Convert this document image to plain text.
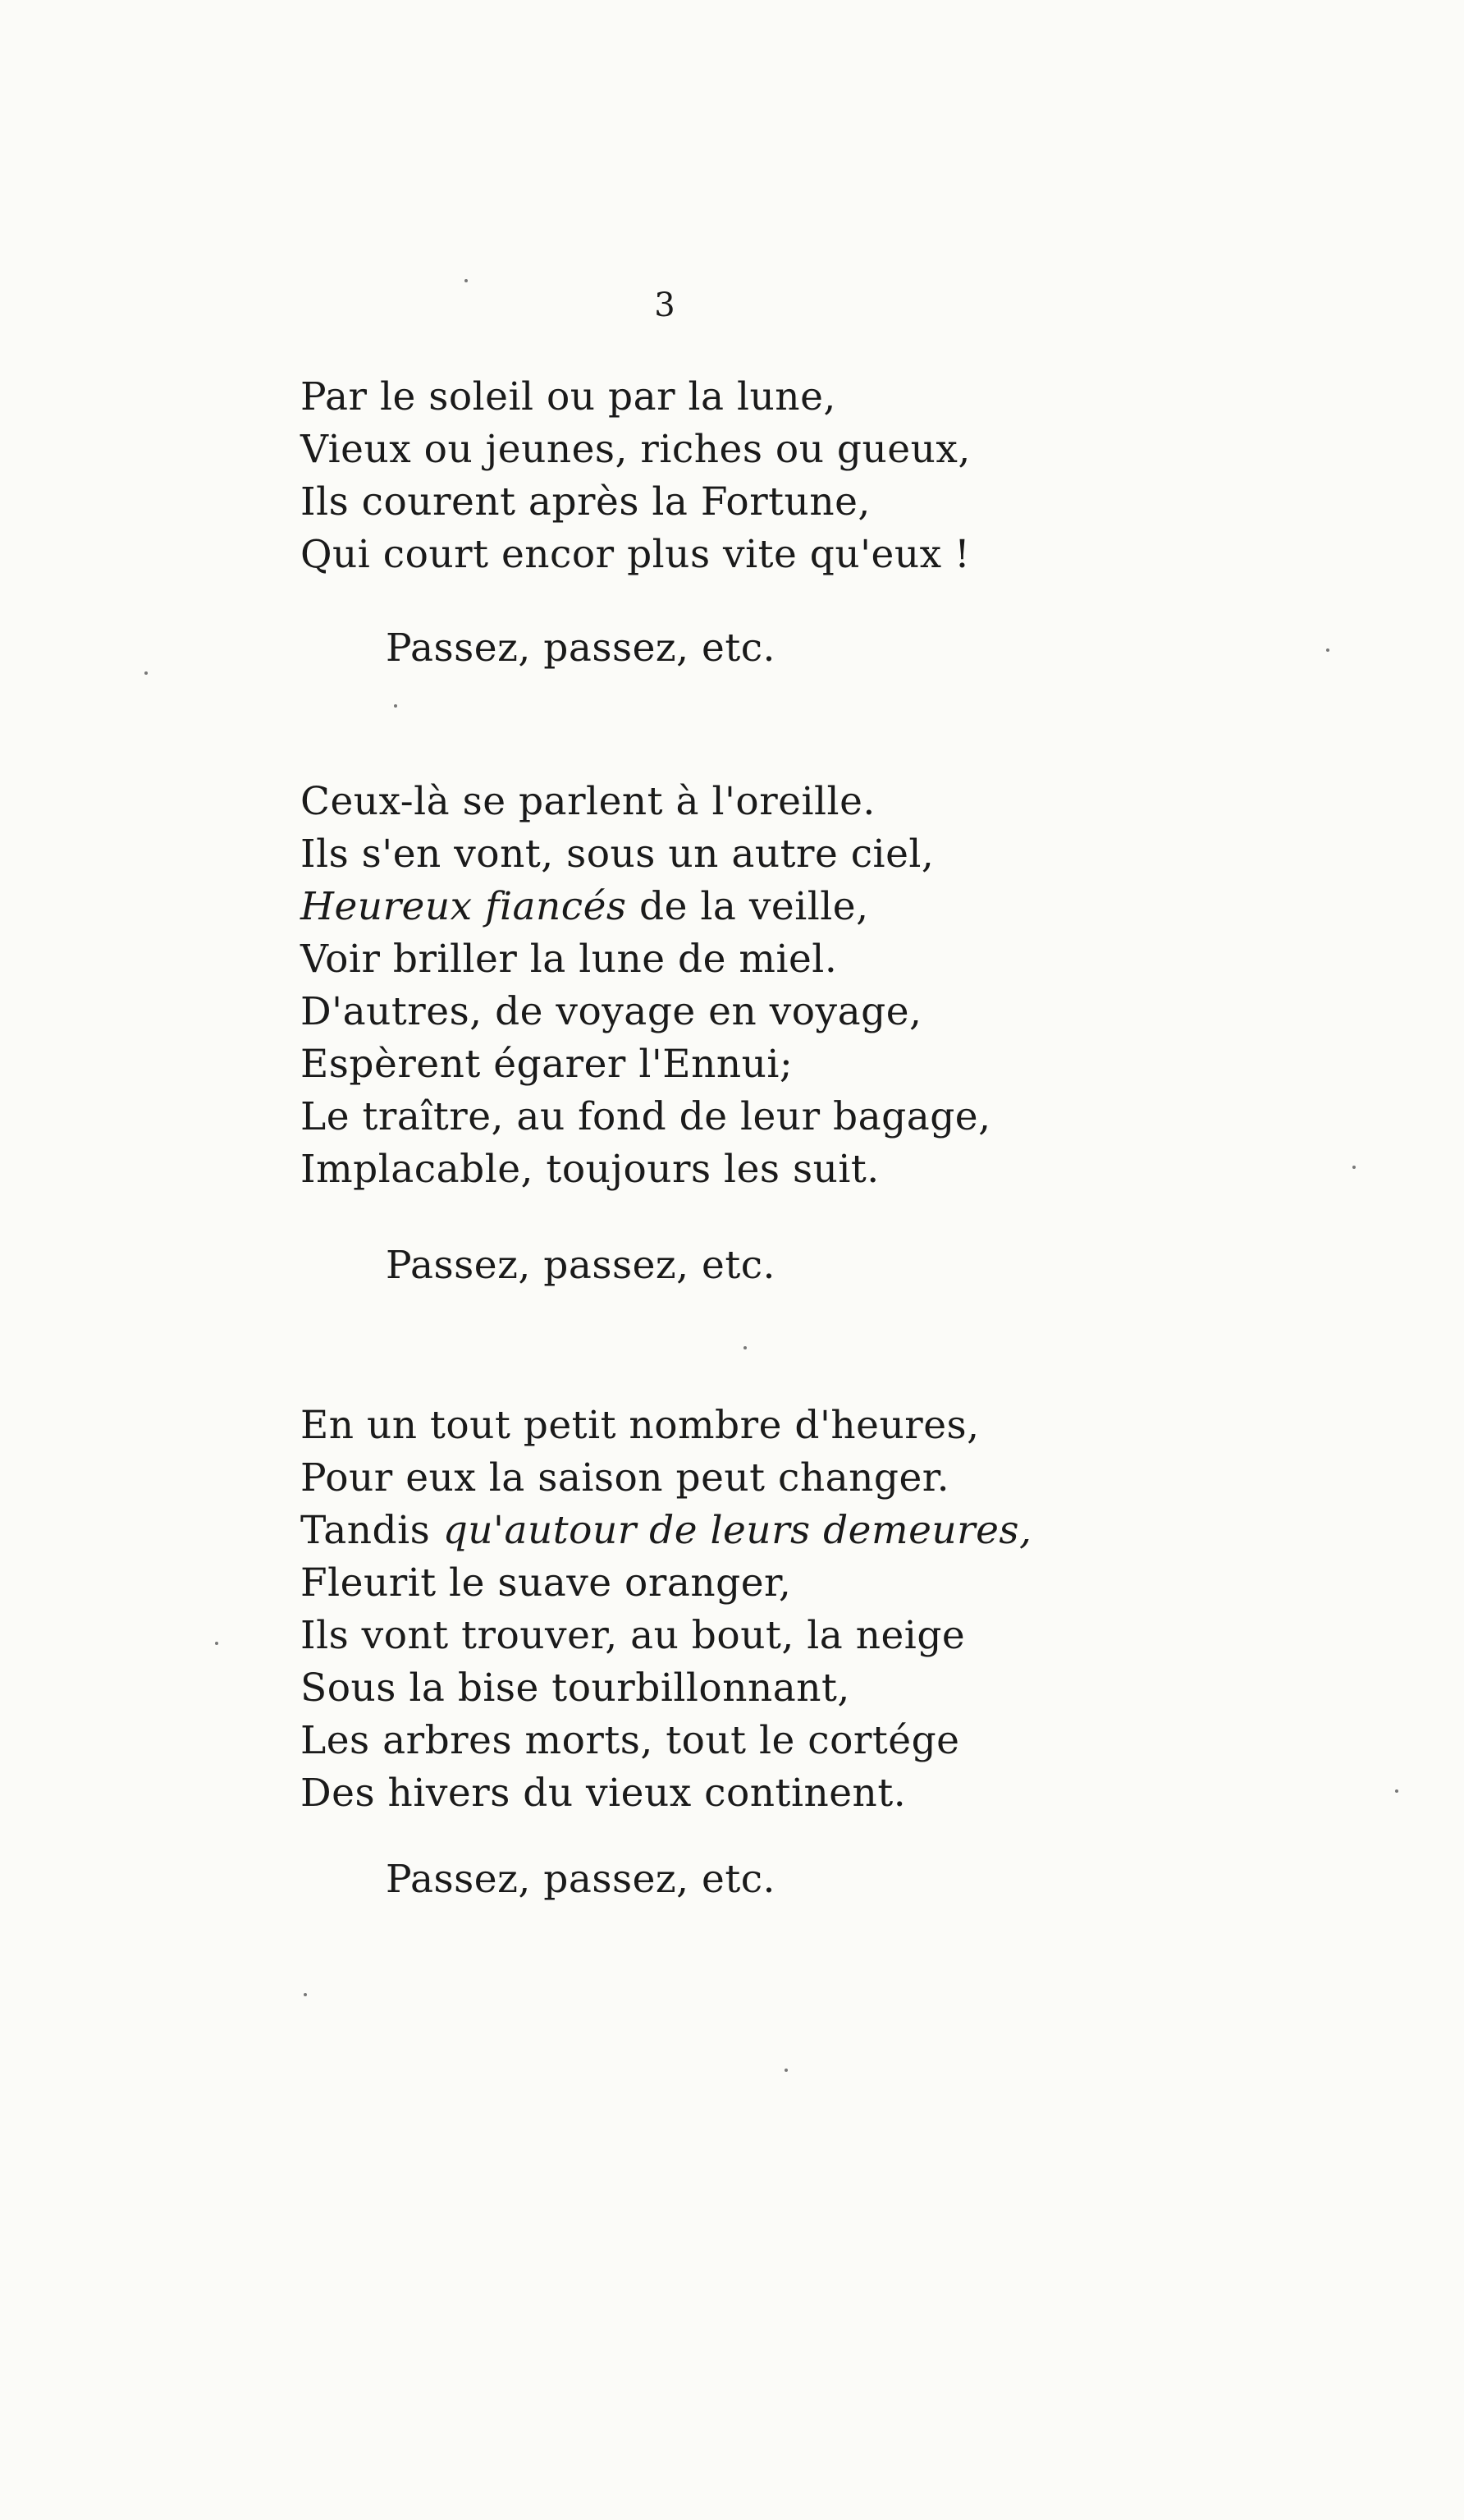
3
Par le soleil ou par la lune,
Vieux ou jeunes, riches ou gueux,
Ils courent après la Fortune,
Qui court encor plus vite qu'eux !
Passez, passez, etc.
Ceux-là se parlent à l'oreille.
Ils s'en vont, sous un autre ciel,
Heureux fiancés de la veille,
Voir briller la lune de miel.
D'autres, de voyage en voyage,
Espèrent égarer l'Ennui;
Le traître, au fond de leur bagage,
Implacable, toujours les suit.
Passez, passez, etc.
En un tout petit nombre d'heures,
Pour eux la saison peut changer.
Tandis qu'autour de leurs demeures,
Fleurit le suave oranger,
Ils vont trouver, au bout, la neige
Sous la bise tourbillonnant,
Les arbres morts, tout le cortége
Des hivers du vieux continent.
Passez, passez, etc.
